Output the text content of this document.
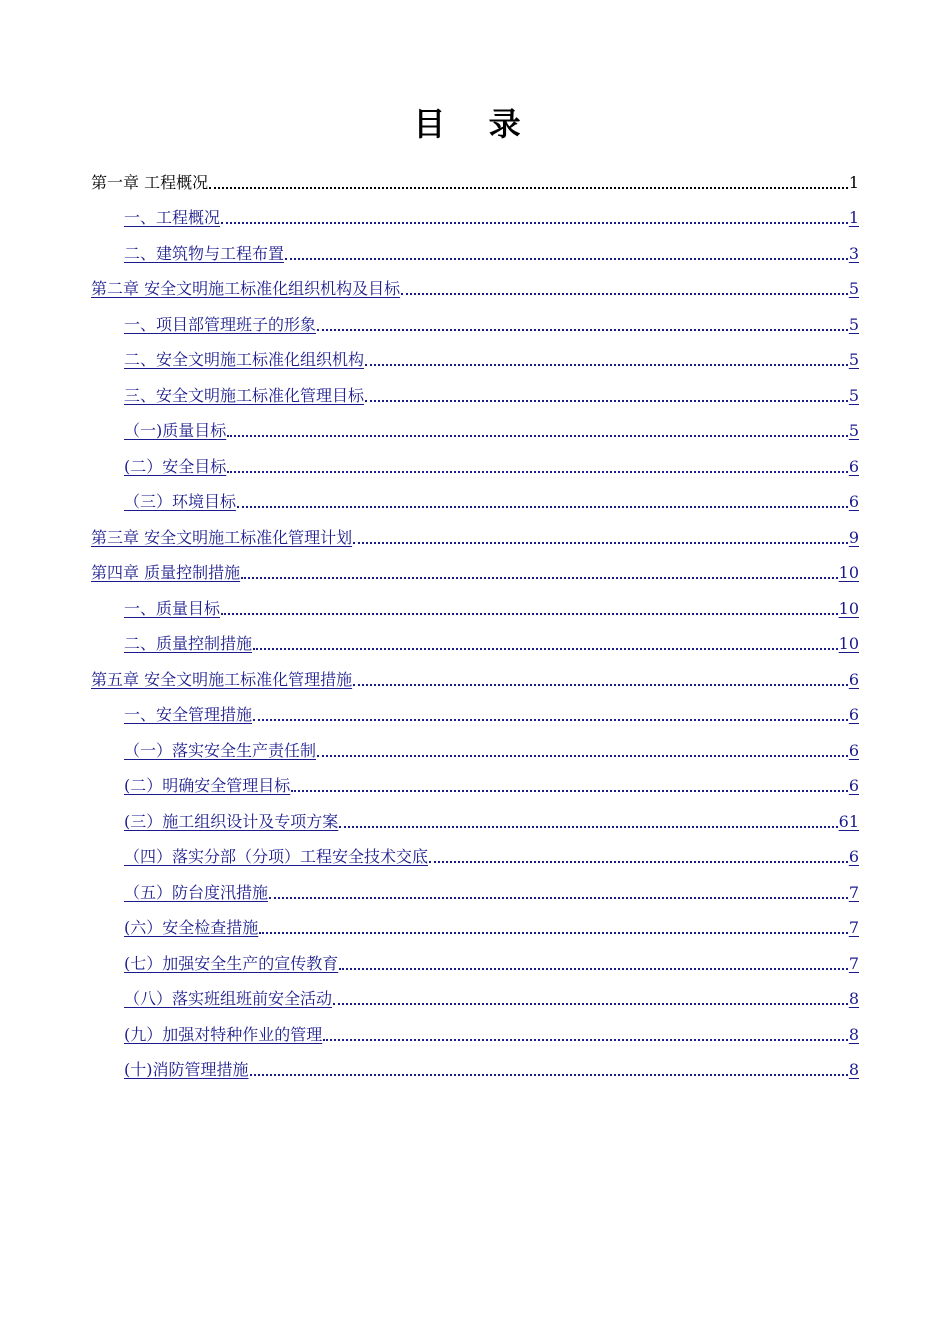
目 录
第一章 工程概况	1
一、工程概况	1
二、建筑物与工程布置	3
第二章 安全文明施工标准化组织机构及目标	5
一、项目部管理班子的形象	5
二、安全文明施工标准化组织机构	5
三、安全文明施工标准化管理目标	5
（一)质量目标	5
(二）安全目标	6
（三）环境目标	6
第三章 安全文明施工标准化管理计划	9
第四章 质量控制措施	10
一、质量目标	10
二、质量控制措施	10
第五章 安全文明施工标准化管理措施	6
一、安全管理措施	6
（一）落实安全生产责任制	6
(二）明确安全管理目标	6
(三）施工组织设计及专项方案	61
（四）落实分部（分项）工程安全技术交底	6
（五）防台度汛措施	7
(六）安全检查措施	7
(七）加强安全生产的宣传教育	7
（八）落实班组班前安全活动	8
(九）加强对特种作业的管理	8
(十)消防管理措施	8
